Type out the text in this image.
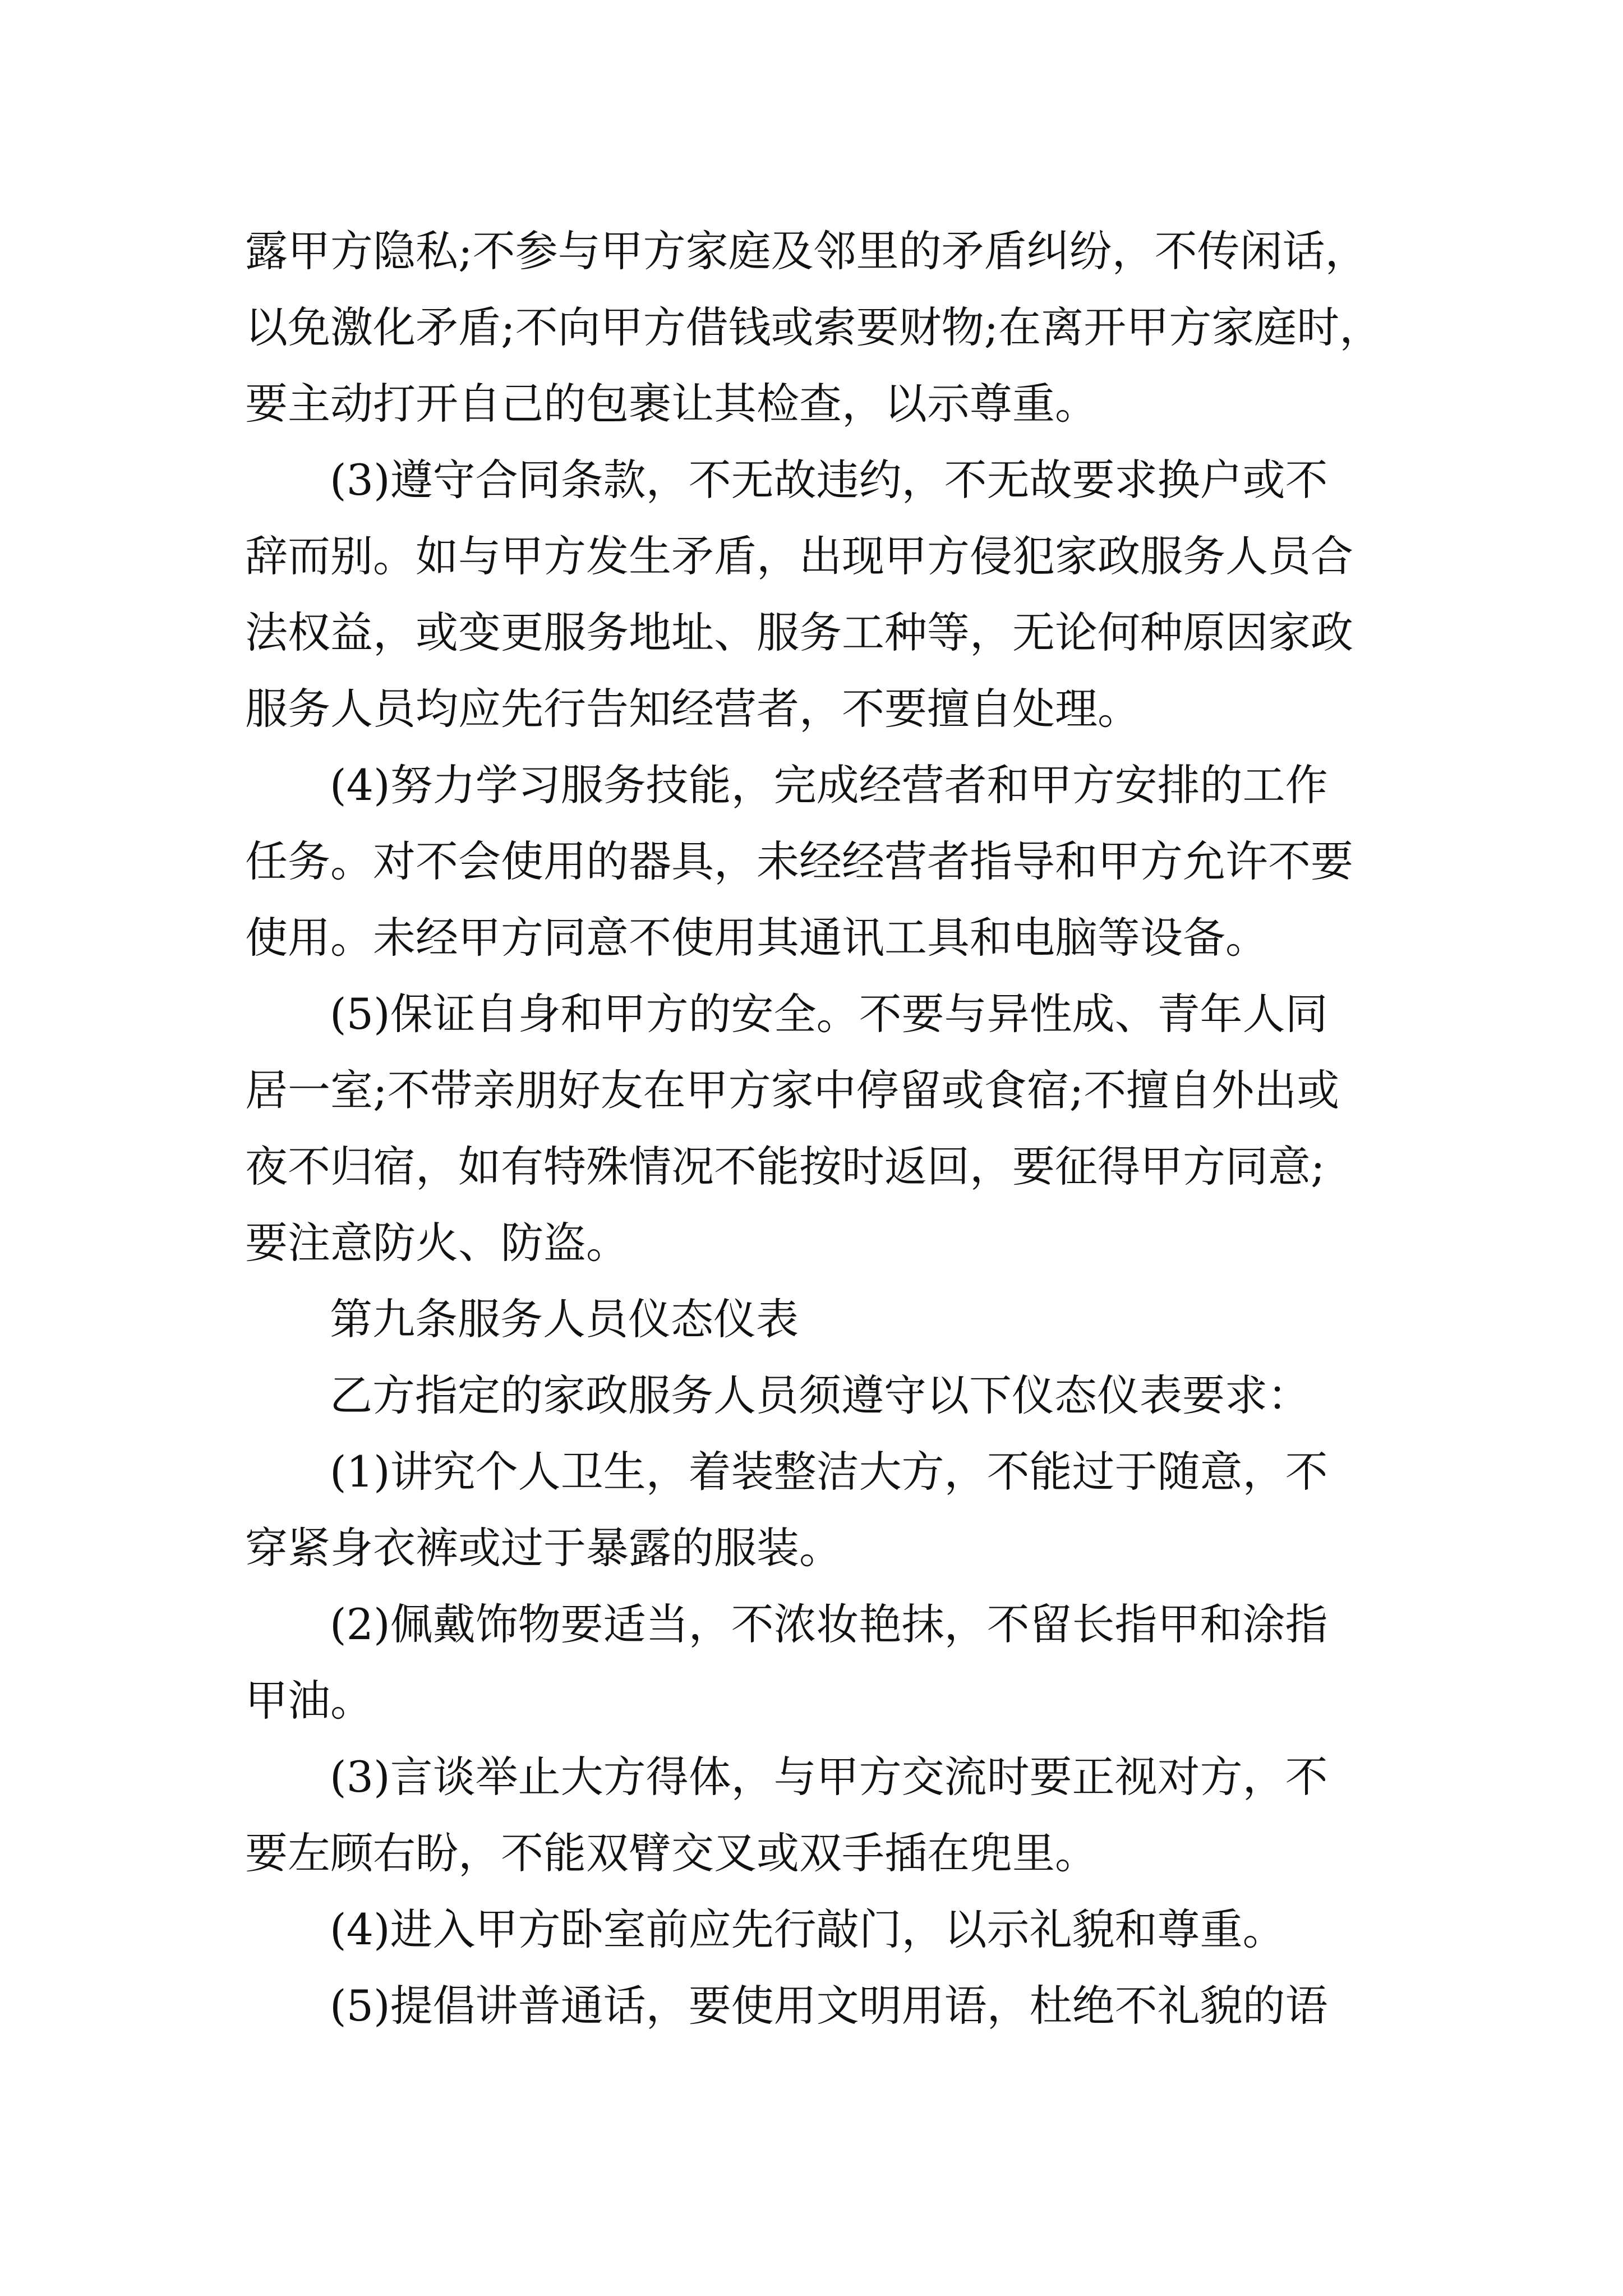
露甲方隐私;不参与甲方家庭及邻里的矛盾纠纷，不传闲话，
以免激化矛盾;不向甲方借钱或索要财物;在离开甲方家庭时，
要主动打开自己的包裹让其检查，以示尊重。
(3)遵守合同条款，不无故违约，不无故要求换户或不
辞而别。如与甲方发生矛盾，出现甲方侵犯家政服务人员合
法权益，或变更服务地址、服务工种等，无论何种原因家政
服务人员均应先行告知经营者，不要擅自处理。
(4)努力学习服务技能，完成经营者和甲方安排的工作
任务。对不会使用的器具，未经经营者指导和甲方允许不要
使用。未经甲方同意不使用其通讯工具和电脑等设备。
(5)保证自身和甲方的安全。不要与异性成、青年人同
居一室;不带亲朋好友在甲方家中停留或食宿;不擅自外出或
夜不归宿，如有特殊情况不能按时返回，要征得甲方同意;
要注意防火、防盗。
第九条服务人员仪态仪表
乙方指定的家政服务人员须遵守以下仪态仪表要求：
(1)讲究个人卫生，着装整洁大方，不能过于随意，不
穿紧身衣裤或过于暴露的服装。
(2)佩戴饰物要适当，不浓妆艳抹，不留长指甲和涂指
甲油。
(3)言谈举止大方得体，与甲方交流时要正视对方，不
要左顾右盼，不能双臂交叉或双手插在兜里。
(4)进入甲方卧室前应先行敲门，以示礼貌和尊重。
(5)提倡讲普通话，要使用文明用语，杜绝不礼貌的语
